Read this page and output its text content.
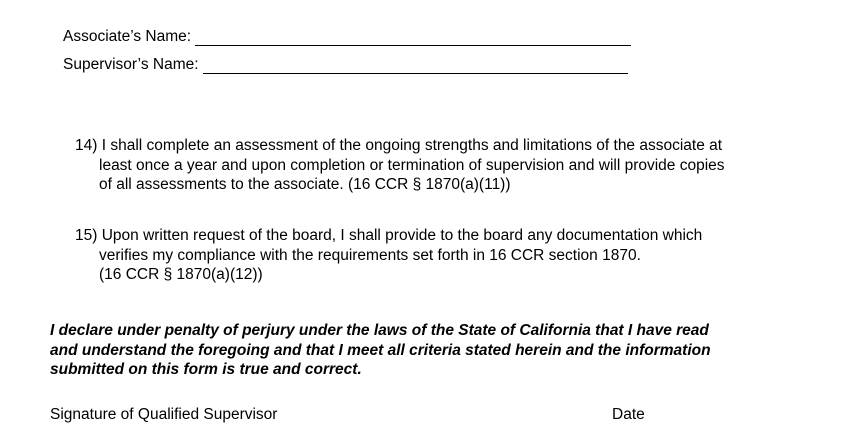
Associate’s Name:
Supervisor’s Name:
14) I shall complete an assessment of the ongoing strengths and limitations of the associate at
least once a year and upon completion or termination of supervision and will provide copies
of all assessments to the associate. (16 CCR § 1870(a)(11))
15) Upon written request of the board, I shall provide to the board any documentation which
verifies my compliance with the requirements set forth in 16 CCR section 1870.
(16 CCR § 1870(a)(12))
I declare under penalty of perjury under the laws of the State of California that I have read
and understand the foregoing and that I meet all criteria stated herein and the information
submitted on this form is true and correct.
Signature of Qualified Supervisor	Date
